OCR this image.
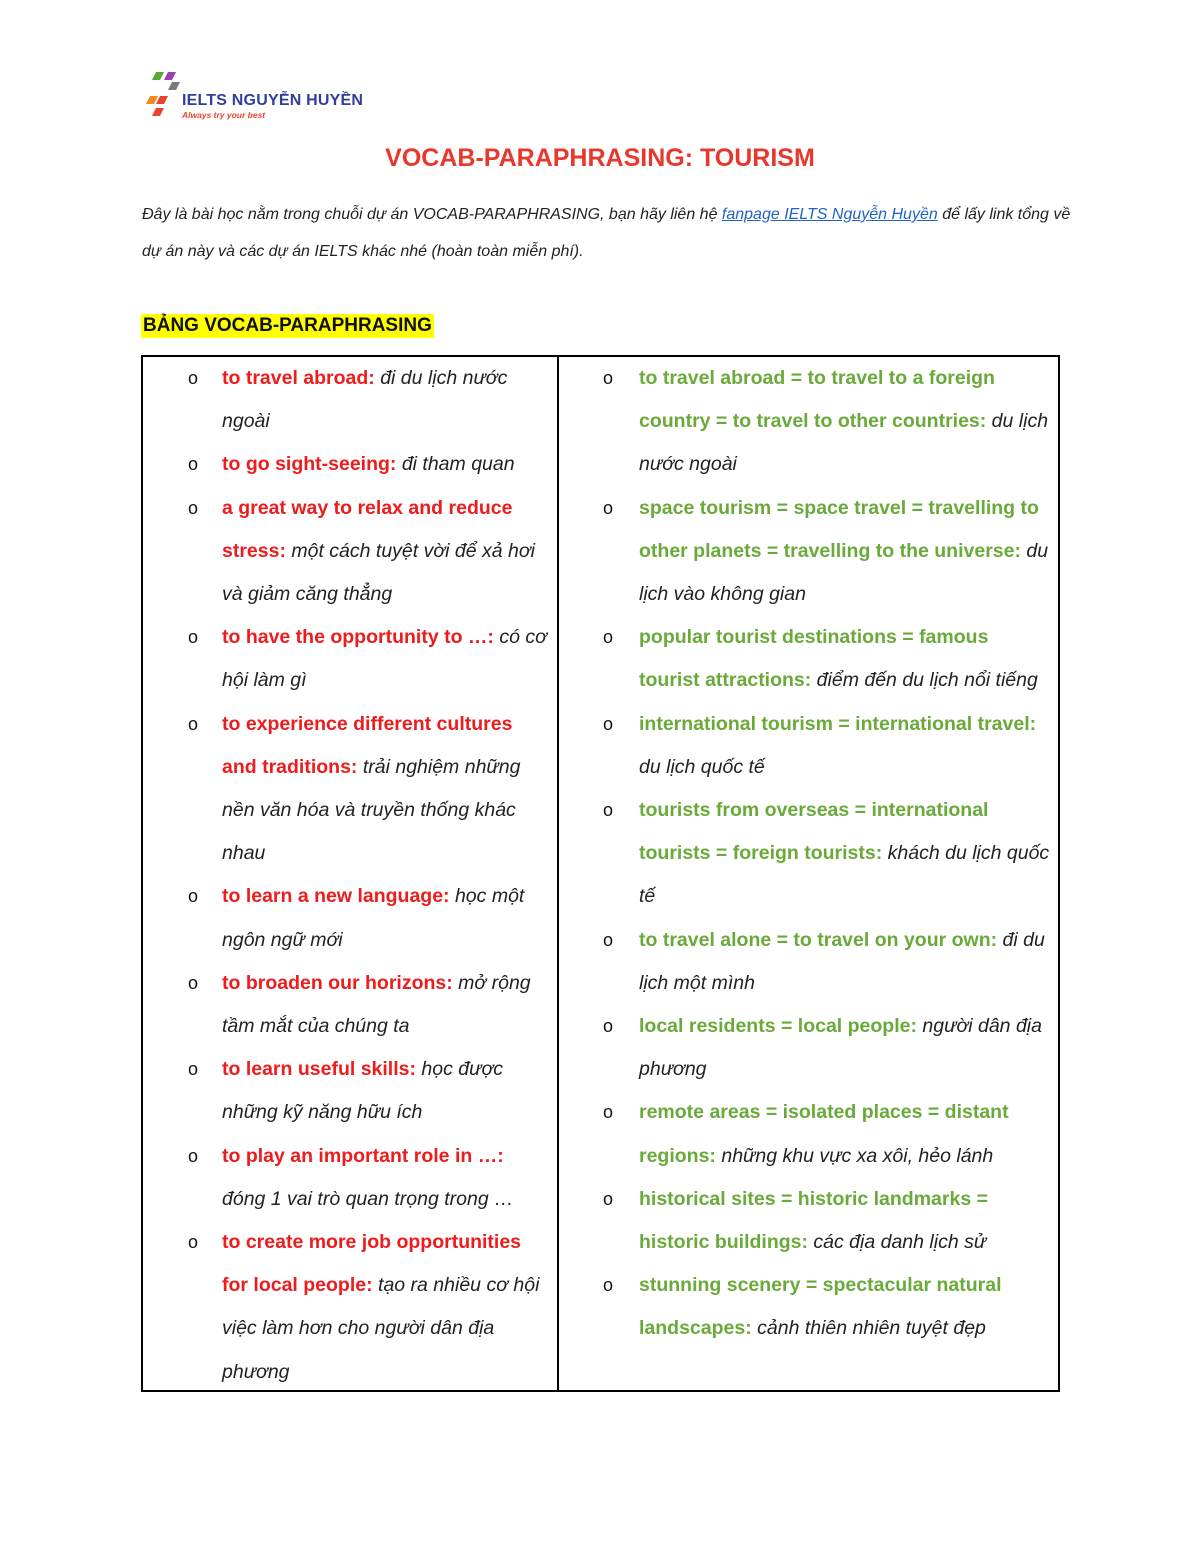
IELTS NGUYỄN HUYỀN
Always try your best
VOCAB-PARAPHRASING: TOURISM
Đây là bài học nằm trong chuỗi dự án VOCAB-PARAPHRASING, bạn hãy liên hệ fanpage IELTS Nguyễn Huyền để lấy link tổng về dự án này và các dự án IELTS khác nhé (hoàn toàn miễn phí).
BẢNG VOCAB-PARAPHRASING
o to travel abroad: đi du lịch nước ngoài
o to go sight-seeing: đi tham quan
o a great way to relax and reduce stress: một cách tuyệt vời để xả hơi và giảm căng thẳng
o to have the opportunity to …: có cơ hội làm gì
o to experience different cultures and traditions: trải nghiệm những nền văn hóa và truyền thống khác nhau
o to learn a new language: học một ngôn ngữ mới
o to broaden our horizons: mở rộng tầm mắt của chúng ta
o to learn useful skills: học được những kỹ năng hữu ích
o to play an important role in …: đóng 1 vai trò quan trọng trong …
o to create more job opportunities for local people: tạo ra nhiều cơ hội việc làm hơn cho người dân địa phương
o to travel abroad = to travel to a foreign country = to travel to other countries: du lịch nước ngoài
o space tourism = space travel = travelling to other planets = travelling to the universe: du lịch vào không gian
o popular tourist destinations = famous tourist attractions: điểm đến du lịch nổi tiếng
o international tourism = international travel: du lịch quốc tế
o tourists from overseas = international tourists = foreign tourists: khách du lịch quốc tế
o to travel alone = to travel on your own: đi du lịch một mình
o local residents = local people: người dân địa phương
o remote areas = isolated places = distant regions: những khu vực xa xôi, hẻo lánh
o historical sites = historic landmarks = historic buildings: các địa danh lịch sử
o stunning scenery = spectacular natural landscapes: cảnh thiên nhiên tuyệt đẹp
